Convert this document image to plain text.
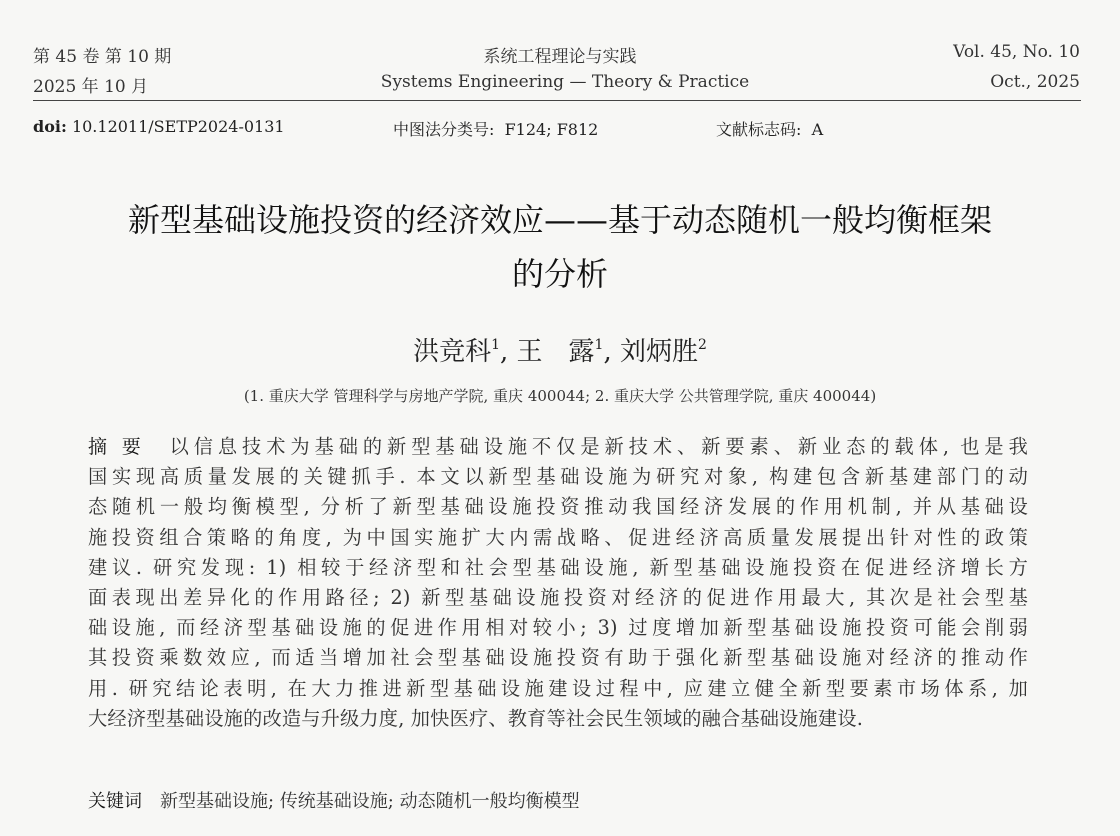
第 45 卷 第 10 期
2025 年 10 月
系统工程理论与实践
Systems Engineering — Theory & Practice
Vol. 45, No. 10
Oct., 2025
doi: 10.12011/SETP2024-0131	中图法分类号: F124; F812	文献标志码: A
新型基础设施投资的经济效应——基于动态随机一般均衡框架
的分析
洪竞科$^1$, 王　露$^1$, 刘炳胜$^2$
(1. 重庆大学 管理科学与房地产学院, 重庆 400044; 2. 重庆大学 公共管理学院, 重庆 400044)
摘要 以信息技术为基础的新型基础设施不仅是新技术、新要素、新业态的载体, 也是我
国实现高质量发展的关键抓手. 本文以新型基础设施为研究对象, 构建包含新基建部门的动
态随机一般均衡模型, 分析了新型基础设施投资推动我国经济发展的作用机制, 并从基础设
施投资组合策略的角度, 为中国实施扩大内需战略、促进经济高质量发展提出针对性的政策
建议. 研究发现: 1) 相较于经济型和社会型基础设施, 新型基础设施投资在促进经济增长方
面表现出差异化的作用路径; 2) 新型基础设施投资对经济的促进作用最大, 其次是社会型基
础设施, 而经济型基础设施的促进作用相对较小; 3) 过度增加新型基础设施投资可能会削弱
其投资乘数效应, 而适当增加社会型基础设施投资有助于强化新型基础设施对经济的推动作
用. 研究结论表明, 在大力推进新型基础设施建设过程中, 应建立健全新型要素市场体系, 加
大经济型基础设施的改造与升级力度, 加快医疗、教育等社会民生领域的融合基础设施建设.
关键词 新型基础设施; 传统基础设施; 动态随机一般均衡模型
